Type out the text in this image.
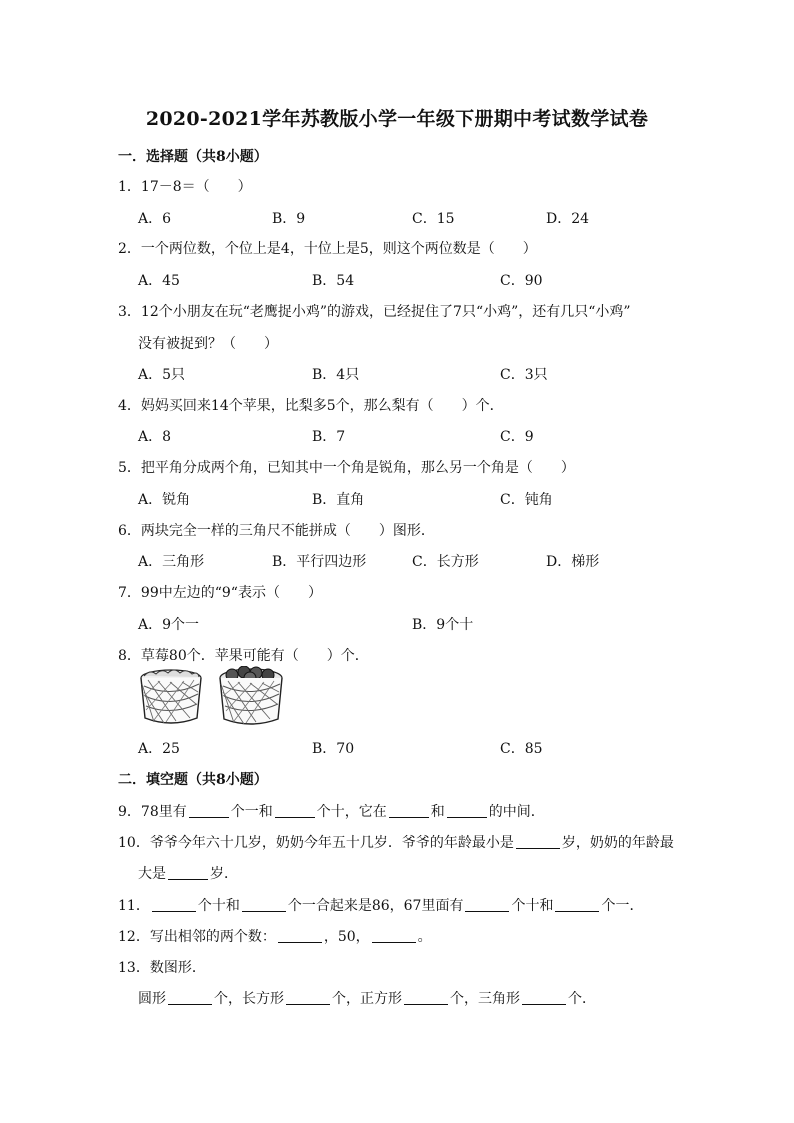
2020-2021学年苏教版小学一年级下册期中考试数学试卷
一．选择题（共8小题）
1．17－8＝（　　）
A．6	B．9	C．15	D．24
2．一个两位数，个位上是4，十位上是5，则这个两位数是（　　）
A．45	B．54	C．90
3．12个小朋友在玩“老鹰捉小鸡”的游戏，已经捉住了7只“小鸡”，还有几只“小鸡”
没有被捉到？（　　）
A．5只	B．4只	C．3只
4．妈妈买回来14个苹果，比梨多5个，那么梨有（　　）个．
A．8	B．7	C．9
5．把平角分成两个角，已知其中一个角是锐角，那么另一个角是（　　）
A．锐角	B．直角	C．钝角
6．两块完全一样的三角尺不能拼成（　　）图形．
A．三角形	B．平行四边形	C．长方形	D．梯形
7．99中左边的“9“表示（　　）
A．9个一	B．9个十
8．草莓80个．苹果可能有（　　）个．
A．25	B．70	C．85
二．填空题（共8小题）
9．78里有	个一和	个十，它在	和	的中间．
10．爷爷今年六十几岁，奶奶今年五十几岁．爷爷的年龄最小是	岁，奶奶的年龄最
大是	岁．
11．	个十和	个一合起来是86，67里面有	个十和	个一．
12．写出相邻的两个数：	，50，	。
13．数图形．
圆形	个，长方形	个，正方形	个，三角形	个．
